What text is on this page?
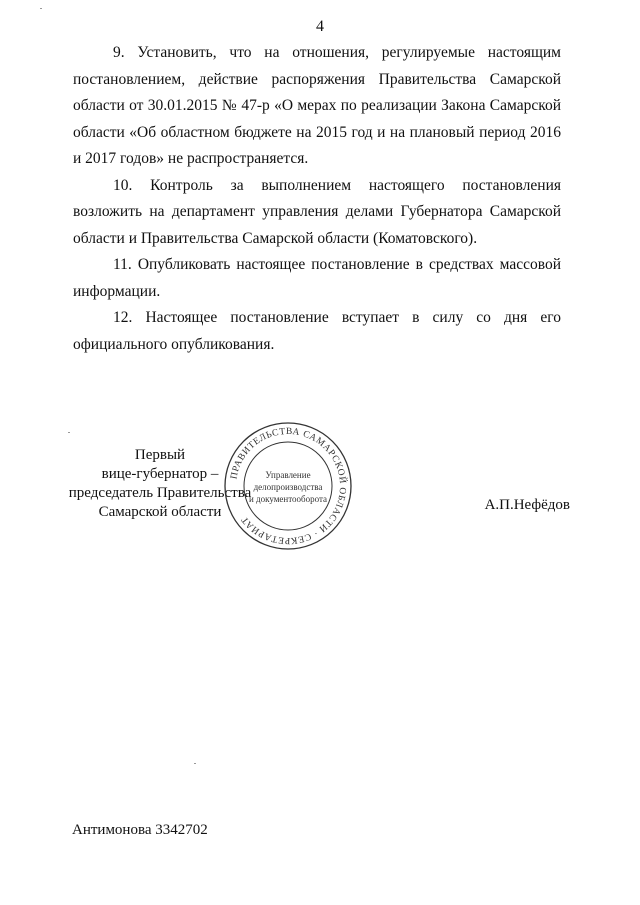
4

9. Установить, что на отношения, регулируемые настоящим постановлением, действие распоряжения Правительства Самарской области от 30.01.2015 № 47-р «О мерах по реализации Закона Самарской области «Об областном бюджете на 2015 год и на плановый период 2016 и 2017 годов» не распространяется.

10. Контроль за выполнением настоящего постановления возложить на департамент управления делами Губернатора Самарской области и Правительства Самарской области (Коматовского).

11. Опубликовать настоящее постановление в средствах массовой информации.

12. Настоящее постановление вступает в силу со дня его официального опубликования.

Первый
вице-губернатор –
председатель Правительства
Самарской области
ПРАВИТЕЛЬСТВА САМАРСКОЙ ОБЛАСТИ · СЕКРЕТАРИАТ
Управление
делопроизводства
и документооборота	А.П.Нефёдов
Антимонова 3342702
